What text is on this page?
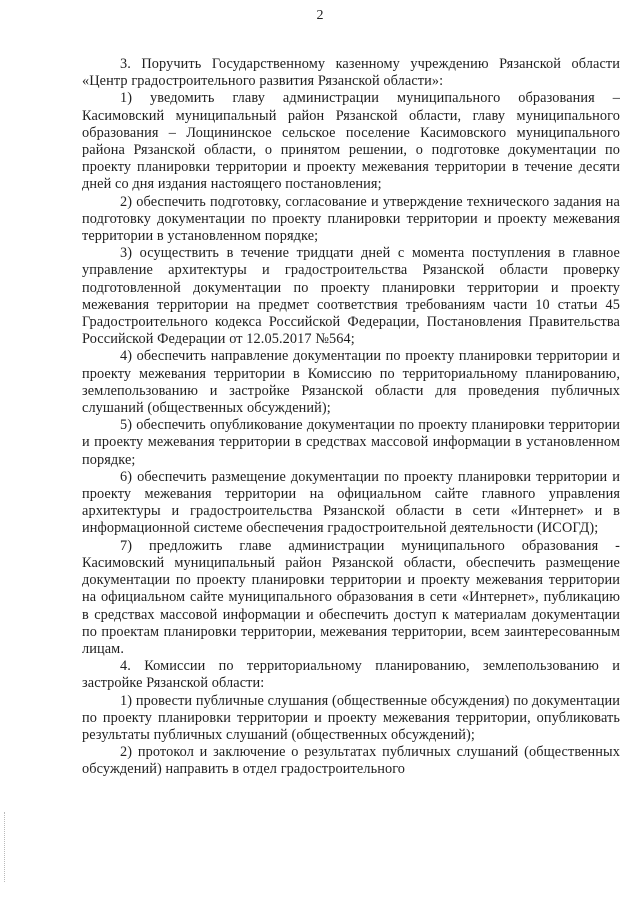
2

3. Поручить Государственному казенному учреждению Рязанской области «Центр градостроительного развития Рязанской области»:

1) уведомить главу администрации муниципального образования – Касимовский муниципальный район Рязанской области, главу муниципального образования – Лощининское сельское поселение Касимовского муниципального района Рязанской области, о принятом решении, о подготовке документации по проекту планировки территории и проекту межевания территории в течение десяти дней со дня издания настоящего постановления;

2) обеспечить подготовку, согласование и утверждение технического задания на подготовку документации по проекту планировки территории и проекту межевания территории в установленном порядке;

3) осуществить в течение тридцати дней с момента поступления в главное управление архитектуры и градостроительства Рязанской области проверку подготовленной документации по проекту планировки территории и проекту межевания территории на предмет соответствия требованиям части 10 статьи 45 Градостроительного кодекса Российской Федерации, Постановления Правительства Российской Федерации от 12.05.2017 №564;

4) обеспечить направление документации по проекту планировки территории и проекту межевания территории в Комиссию по территориальному планированию, землепользованию и застройке Рязанской области для проведения публичных слушаний (общественных обсуждений);

5) обеспечить опубликование документации по проекту планировки территории и проекту межевания территории в средствах массовой информации в установленном порядке;

6) обеспечить размещение документации по проекту планировки территории и проекту межевания территории на официальном сайте главного управления архитектуры и градостроительства Рязанской области в сети «Интернет» и в информационной системе обеспечения градостроительной деятельности (ИСОГД);

7) предложить главе администрации муниципального образования - Касимовский муниципальный район Рязанской области, обеспечить размещение документации по проекту планировки территории и проекту межевания территории на официальном сайте муниципального образования в сети «Интернет», публикацию в средствах массовой информации и обеспечить доступ к материалам документации по проектам планировки территории, межевания территории, всем заинтересованным лицам.

4. Комиссии по территориальному планированию, землепользованию и застройке Рязанской области:

1) провести публичные слушания (общественные обсуждения) по документации по проекту планировки территории и проекту межевания территории, опубликовать результаты публичных слушаний (общественных обсуждений);

2) протокол и заключение о результатах публичных слушаний (общественных обсуждений) направить в отдел градостроительного
